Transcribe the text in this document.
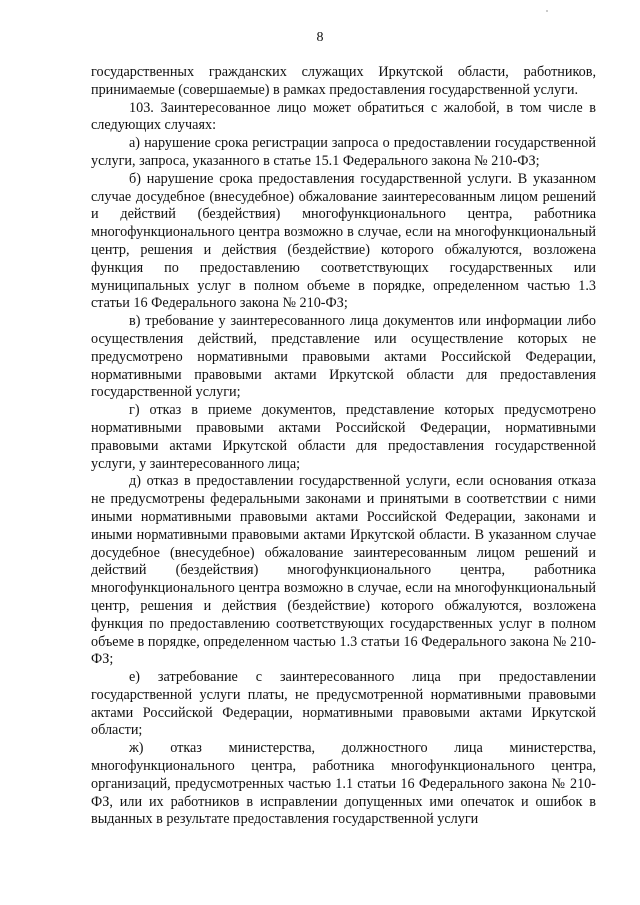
8

государственных гражданских служащих Иркутской области, работников, принимаемые (совершаемые) в рамках предоставления государственной услуги.

103. Заинтересованное лицо может обратиться с жалобой, в том числе в следующих случаях:

а) нарушение срока регистрации запроса о предоставлении государственной услуги, запроса, указанного в статье 15.1 Федерального закона № 210-ФЗ;

б) нарушение срока предоставления государственной услуги. В указанном случае досудебное (внесудебное) обжалование заинтересованным лицом решений и действий (бездействия) многофункционального центра, работника многофункционального центра возможно в случае, если на многофункциональный центр, решения и действия (бездействие) которого обжалуются, возложена функция по предоставлению соответствующих государственных или муниципальных услуг в полном объеме в порядке, определенном частью 1.3 статьи 16 Федерального закона № 210-ФЗ;

в) требование у заинтересованного лица документов или информации либо осуществления действий, представление или осуществление которых не предусмотрено нормативными правовыми актами Российской Федерации, нормативными правовыми актами Иркутской области для предоставления государственной услуги;

г) отказ в приеме документов, представление которых предусмотрено нормативными правовыми актами Российской Федерации, нормативными правовыми актами Иркутской области для предоставления государственной услуги, у заинтересованного лица;

д) отказ в предоставлении государственной услуги, если основания отказа не предусмотрены федеральными законами и принятыми в соответствии с ними иными нормативными правовыми актами Российской Федерации, законами и иными нормативными правовыми актами Иркутской области. В указанном случае досудебное (внесудебное) обжалование заинтересованным лицом решений и действий (бездействия) многофункционального центра, работника многофункционального центра возможно в случае, если на многофункциональный центр, решения и действия (бездействие) которого обжалуются, возложена функция по предоставлению соответствующих государственных услуг в полном объеме в порядке, определенном частью 1.3 статьи 16 Федерального закона № 210-ФЗ;

е) затребование с заинтересованного лица при предоставлении государственной услуги платы, не предусмотренной нормативными правовыми актами Российской Федерации, нормативными правовыми актами Иркутской области;

ж) отказ министерства, должностного лица министерства, многофункционального центра, работника многофункционального центра, организаций, предусмотренных частью 1.1 статьи 16 Федерального закона № 210-ФЗ, или их работников в исправлении допущенных ими опечаток и ошибок в выданных в результате предоставления государственной услуги
